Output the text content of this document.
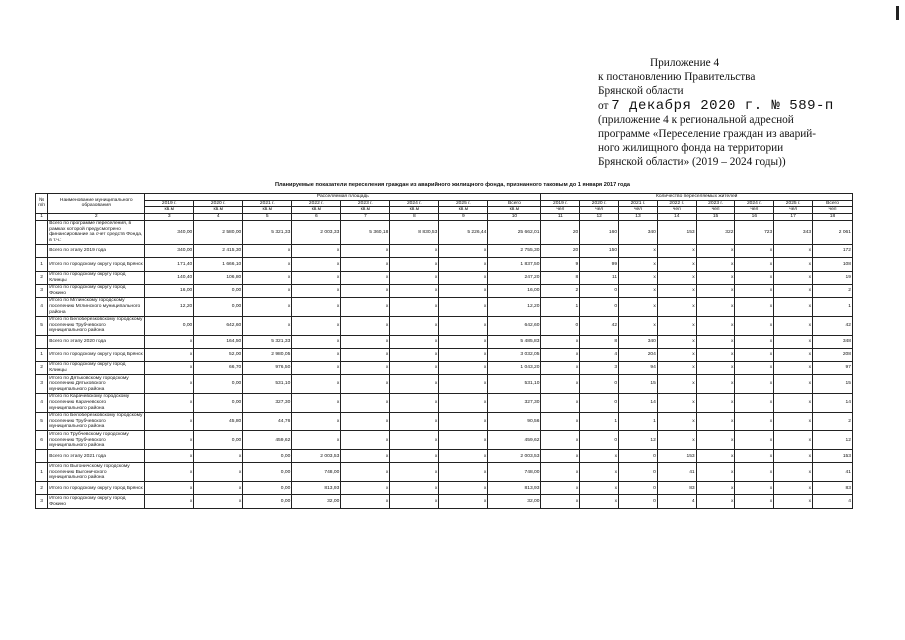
Приложение 4
к постановлению Правительства
Брянской области
от 7 декабря 2020 г. № 589-п
(приложение 4 к региональной адресной
программе «Переселение граждан из аварий-
ного жилищного фонда на территории
Брянской области» (2019 – 2024 годы))
Планируемые показатели переселения граждан из аварийного жилищного фонда, признанного таковым до 1 января 2017 года
№ п/п	Наименование муниципального образования	Расселяемая площадь								Количество переселяемых жителей							
		2019 г.	2020 г.	2021 г.	2022 г.	2023 г.	2024 г.	2025 г.	Всего	2019 г.	2020 г.	2021 г.	2022 г.	2023 г.	2024 г.	2025 г.	Всего
		кв.м	кв.м	кв.м	кв.м	кв.м	кв.м	кв.м	кв.м	чел	чел	чел	чел	чел	чел	чел	чел
1	2	3	4	5	6	7	8	9	10	11	12	13	14	15	16	17	18
	Всего по программе переселения, в рамках которой предусмотрено финансирование за счет средств Фонда, в т.ч.:	340,00	2 580,00	5 321,33	2 003,33	5 360,18	8 830,53	5 226,44	25 662,01	20	160	340	153	322	723	343	2 061
	Всего по этапу 2019 года	340,00	2 415,30	х	х	х	х	х	2 755,30	20	150	х	х	х	х	х	172
1	Итого по городскому округу город Брянск	171,40	1 666,10	х	х	х	х	х	1 837,50	9	99	х	х	х	х	х	108
2	Итого по городскому округу город Клинцы	140,40	106,80	х	х	х	х	х	247,20	8	11	х	х	х	х	х	19
3	Итого по городскому округу город Фокино	16,00	0,00	х	х	х	х	х	16,00	2	0	х	х	х	х	х	2
4	Итого по Мглинскому городскому поселению Мглинского муниципального района	12,20	0,00	х	х	х	х	х	12,20	1	0	х	х	х	х	х	1
5	Итого по Белоберезковскому городскому поселению Трубчевского муниципального района	0,00	642,60	х	х	х	х	х	642,60	0	42	х	х	х	х	х	42
	Всего по этапу 2020 года	х	164,50	5 321,33	х	х	х	х	5 485,83	х	8	340	х	х	х	х	348
1	Итого по городскому округу город Брянск	х	52,00	2 980,05	х	х	х	х	3 032,05	х	4	204	х	х	х	х	208
2	Итого по городскому округу город Клинцы	х	66,70	976,50	х	х	х	х	1 043,20	х	3	94	х	х	х	х	97
3	Итого по Дятьковскому городскому поселению Дятьковского муниципального района	х	0,00	531,10	х	х	х	х	531,10	х	0	15	х	х	х	х	15
4	Итого по Карачевскому городскому поселению Карачевского муниципального района	х	0,00	327,30	х	х	х	х	327,30	х	0	14	х	х	х	х	14
5	Итого по Белоберезковскому городскому поселению Трубчевского муниципального района	х	45,80	44,76	х	х	х	х	90,56	х	1	1	х	х	х	х	2
6	Итого по Трубчевскому городскому поселению Трубчевского муниципального района	х	0,00	459,62	х	х	х	х	459,62	х	0	12	х	х	х	х	12
	Всего по этапу 2021 года	х	х	0,00	2 003,53	х	х	х	2 003,53	х	х	0	153	х	х	х	153
1	Итого по Выгоничскому городскому поселению Выгоничского муниципального района	х	х	0,00	748,00	х	х	х	748,00	х	х	0	41	х	х	х	41
2	Итого по городскому округу город Брянск	х	х	0,00	813,93	х	х	х	813,93	х	х	0	83	х	х	х	83
3	Итого по городскому округу город Фокино	х	х	0,00	32,00	х	х	х	32,00	х	х	0	4	х	х	х	4
